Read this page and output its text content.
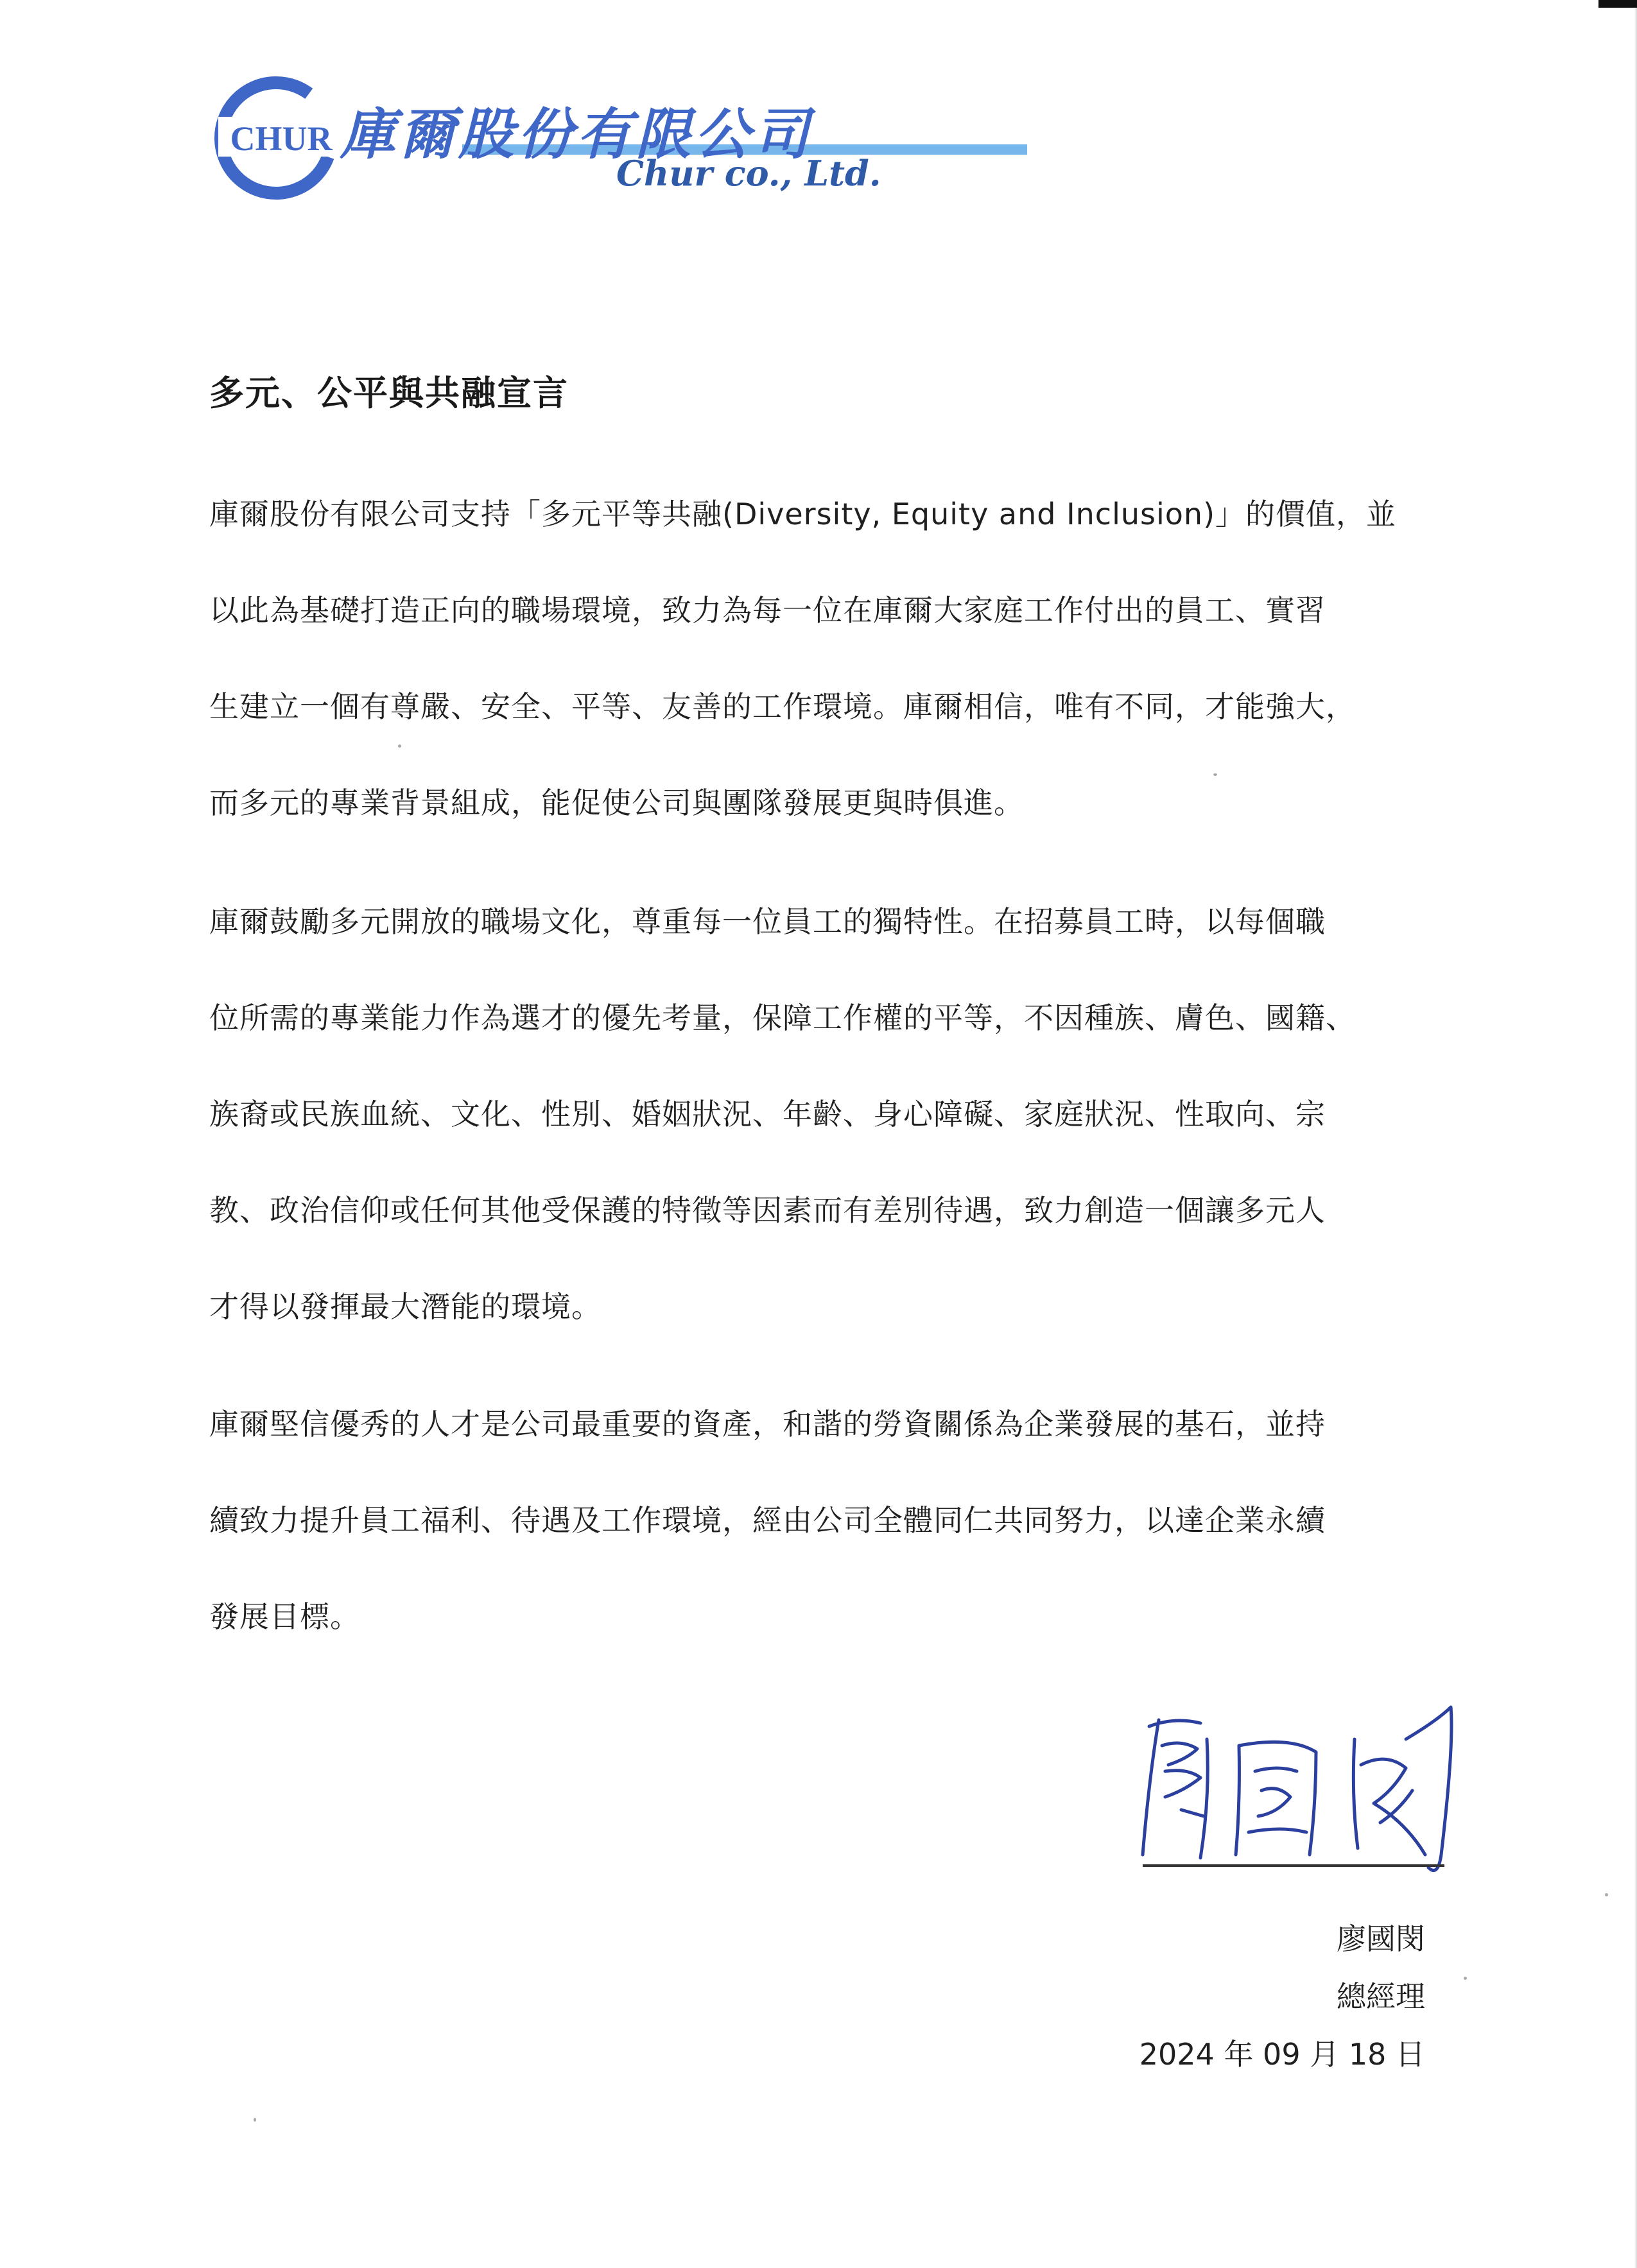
CHUR 庫爾股份有限公司
Chur co., Ltd.
多元、公平與共融宣言
庫爾股份有限公司支持「多元平等共融(Diversity, Equity and Inclusion)」的價值，並
以此為基礎打造正向的職場環境，致力為每一位在庫爾大家庭工作付出的員工、實習
生建立一個有尊嚴、安全、平等、友善的工作環境。庫爾相信，唯有不同，才能強大，
而多元的專業背景組成，能促使公司與團隊發展更與時俱進。
庫爾鼓勵多元開放的職場文化，尊重每一位員工的獨特性。在招募員工時，以每個職
位所需的專業能力作為選才的優先考量，保障工作權的平等，不因種族、膚色、國籍、
族裔或民族血統、文化、性別、婚姻狀況、年齡、身心障礙、家庭狀況、性取向、宗
教、政治信仰或任何其他受保護的特徵等因素而有差別待遇，致力創造一個讓多元人
才得以發揮最大潛能的環境。
庫爾堅信優秀的人才是公司最重要的資產，和諧的勞資關係為企業發展的基石，並持
續致力提升員工福利、待遇及工作環境，經由公司全體同仁共同努力，以達企業永續
發展目標。
廖國閔
總經理
2024 年 09 月 18 日
